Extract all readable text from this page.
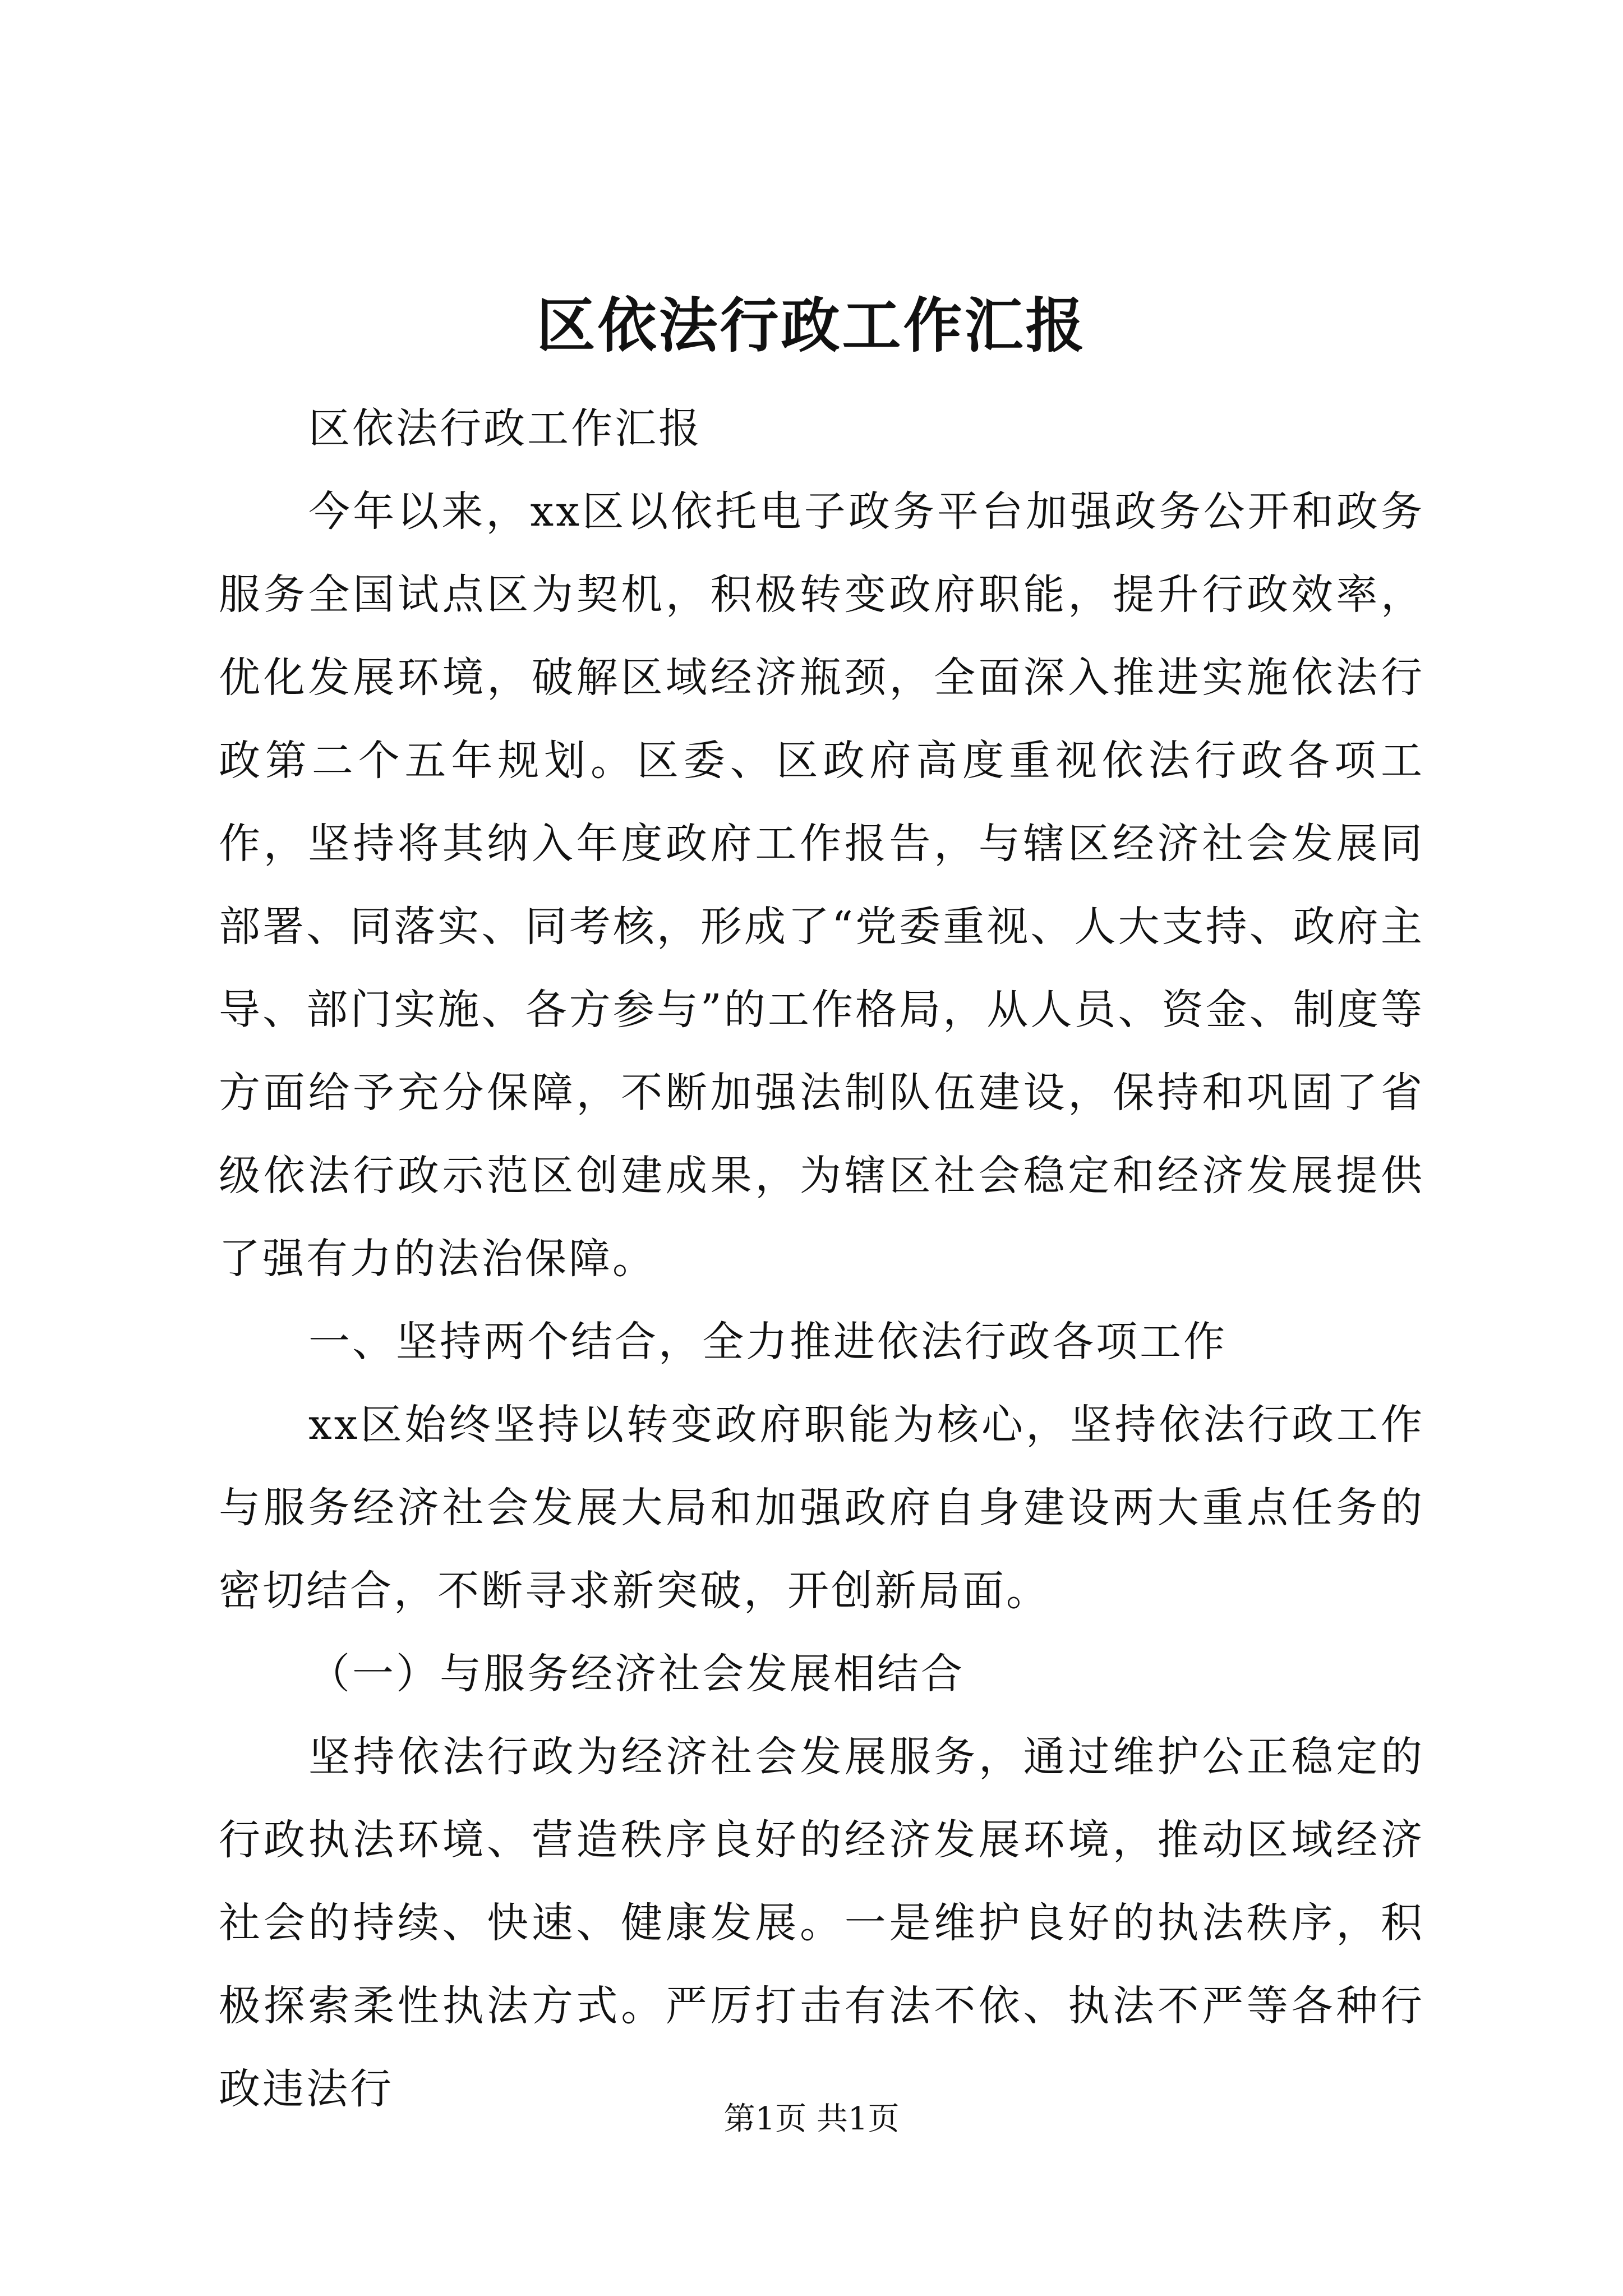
区依法行政工作汇报

区依法行政工作汇报

今年以来，xx区以依托电子政务平台加强政务公开和政务服务全国试点区为契机，积极转变政府职能，提升行政效率，优化发展环境，破解区域经济瓶颈，全面深入推进实施依法行政第二个五年规划。区委、区政府高度重视依法行政各项工作，坚持将其纳入年度政府工作报告，与辖区经济社会发展同部署、同落实、同考核，形成了“党委重视、人大支持、政府主导、部门实施、各方参与”的工作格局，从人员、资金、制度等方面给予充分保障，不断加强法制队伍建设，保持和巩固了省级依法行政示范区创建成果，为辖区社会稳定和经济发展提供了强有力的法治保障。

一、坚持两个结合，全力推进依法行政各项工作

xx区始终坚持以转变政府职能为核心，坚持依法行政工作与服务经济社会发展大局和加强政府自身建设两大重点任务的密切结合，不断寻求新突破，开创新局面。

（一）与服务经济社会发展相结合

坚持依法行政为经济社会发展服务，通过维护公正稳定的行政执法环境、营造秩序良好的经济发展环境，推动区域经济社会的持续、快速、健康发展。一是维护良好的执法秩序，积极探索柔性执法方式。严厉打击有法不依、执法不严等各种行政违法行

第1页 共1页
